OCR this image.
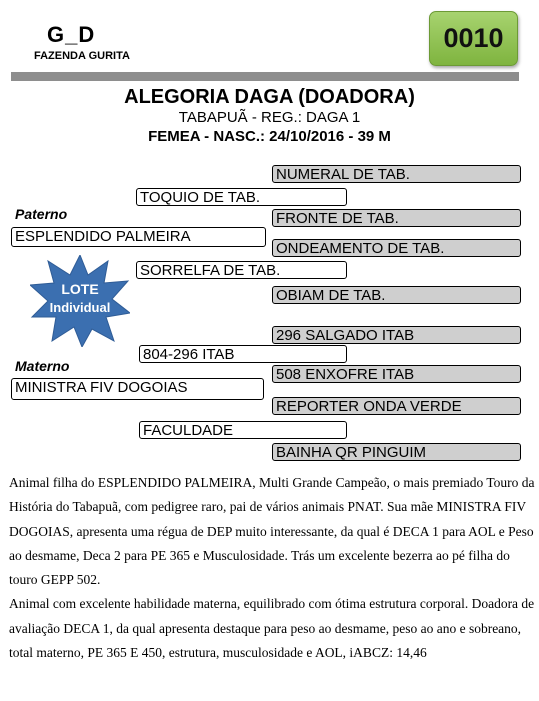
G_D
FAZENDA GURITA
0010
ALEGORIA DAGA (DOADORA)
TABAPUÃ - REG.: DAGA 1
FEMEA - NASC.: 24/10/2016 - 39 M
NUMERAL DE TAB.
FRONTE DE TAB.
ONDEAMENTO DE TAB.
OBIAM DE TAB.
296 SALGADO ITAB
508 ENXOFRE ITAB
REPORTER ONDA VERDE
BAINHA QR PINGUIM
TOQUIO DE TAB.
SORRELFA DE TAB.
804-296 ITAB
FACULDADE
Paterno
ESPLENDIDO PALMEIRA
Materno
MINISTRA FIV DOGOIAS
LOTE
Individual

Animal filha do ESPLENDIDO PALMEIRA, Multi Grande Campeão, o mais premiado Touro da História do Tabapuã, com pedigree raro, pai de vários animais PNAT. Sua mãe MINISTRA FIV DOGOIAS, apresenta uma régua de DEP muito interessante, da qual é DECA 1 para AOL e Peso ao desmame, Deca 2 para PE 365 e Musculosidade. Trás um excelente bezerra ao pé filha do touro GEPP 502.

Animal com excelente habilidade materna, equilibrado com ótima estrutura corporal. Doadora de avaliação DECA 1, da qual apresenta destaque para peso ao desmame, peso ao ano e sobreano, total materno, PE 365 E 450, estrutura, musculosidade e AOL, iABCZ: 14,46
